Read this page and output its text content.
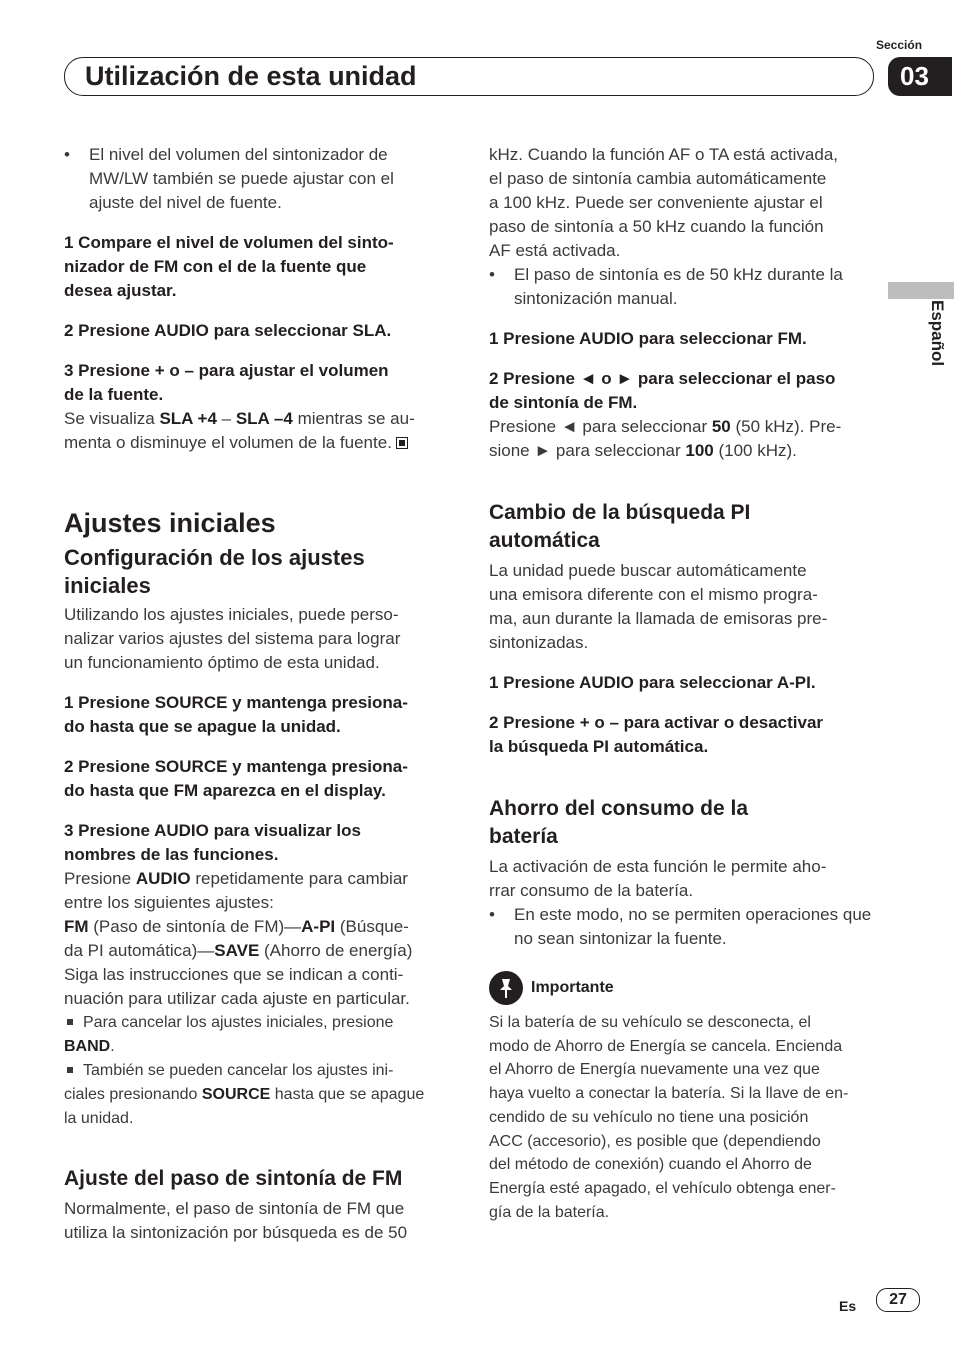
Utilización de esta unidad
Sección
03
Español
•	El nivel del volumen del sintonizador de MW/LW también se puede ajustar con el ajuste del nivel de fuente.

1 Compare el nivel de volumen del sinto-
nizador de FM con el de la fuente que
desea ajustar.

2 Presione AUDIO para seleccionar SLA.

3 Presione + o – para ajustar el volumen
de la fuente.

Se visualiza SLA +4 – SLA –4 mientras se au-
menta o disminuye el volumen de la fuente.

Ajustes iniciales

Configuración de los ajustes
iniciales

Utilizando los ajustes iniciales, puede perso-
nalizar varios ajustes del sistema para lograr
un funcionamiento óptimo de esta unidad.

1 Presione SOURCE y mantenga presiona-
do hasta que se apague la unidad.

2 Presione SOURCE y mantenga presiona-
do hasta que FM aparezca en el display.

3 Presione AUDIO para visualizar los
nombres de las funciones.

Presione AUDIO repetidamente para cambiar
entre los siguientes ajustes:

FM (Paso de sintonía de FM)—A-PI (Búsque-
da PI automática)—SAVE (Ahorro de energía)

Siga las instrucciones que se indican a conti-
nuación para utilizar cada ajuste en particular.

Para cancelar los ajustes iniciales, presione
BAND.

También se pueden cancelar los ajustes ini-
ciales presionando SOURCE hasta que se apague
la unidad.

Ajuste del paso de sintonía de FM

Normalmente, el paso de sintonía de FM que
utiliza la sintonización por búsqueda es de 50

kHz. Cuando la función AF o TA está activada,
el paso de sintonía cambia automáticamente
a 100 kHz. Puede ser conveniente ajustar el
paso de sintonía a 50 kHz cuando la función
AF está activada.

•	El paso de sintonía es de 50 kHz durante la sintonización manual.

1 Presione AUDIO para seleccionar FM.

2 Presione ◄ o ► para seleccionar el paso
de sintonía de FM.

Presione ◄ para seleccionar 50 (50 kHz). Pre-
sione ► para seleccionar 100 (100 kHz).

Cambio de la búsqueda PI
automática

La unidad puede buscar automáticamente
una emisora diferente con el mismo progra-
ma, aun durante la llamada de emisoras pre-
sintonizadas.

1 Presione AUDIO para seleccionar A-PI.

2 Presione + o – para activar o desactivar
la búsqueda PI automática.

Ahorro del consumo de la
batería

La activación de esta función le permite aho-
rrar consumo de la batería.

•	En este modo, no se permiten operaciones que no sean sintonizar la fuente.
Importante

Si la batería de su vehículo se desconecta, el
modo de Ahorro de Energía se cancela. Encienda
el Ahorro de Energía nuevamente una vez que
haya vuelto a conectar la batería. Si la llave de en-
cendido de su vehículo no tiene una posición
ACC (accesorio), es posible que (dependiendo
del método de conexión) cuando el Ahorro de
Energía esté apagado, el vehículo obtenga ener-
gía de la batería.

Es	27
